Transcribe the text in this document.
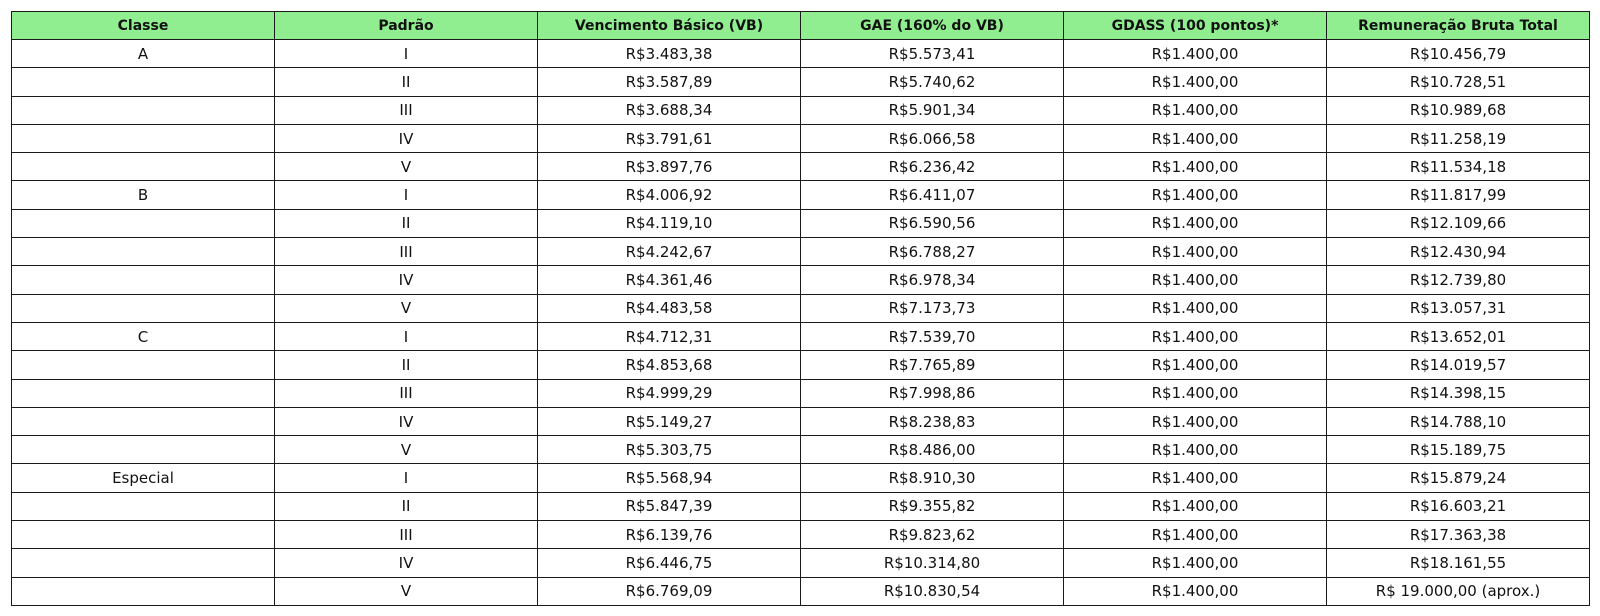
Classe	Padrão	Vencimento Básico (VB)	GAE (160% do VB)	GDASS (100 pontos)*	Remuneração Bruta Total
A	I	R$3.483,38	R$5.573,41	R$1.400,00	R$10.456,79
	II	R$3.587,89	R$5.740,62	R$1.400,00	R$10.728,51
	III	R$3.688,34	R$5.901,34	R$1.400,00	R$10.989,68
	IV	R$3.791,61	R$6.066,58	R$1.400,00	R$11.258,19
	V	R$3.897,76	R$6.236,42	R$1.400,00	R$11.534,18
B	I	R$4.006,92	R$6.411,07	R$1.400,00	R$11.817,99
	II	R$4.119,10	R$6.590,56	R$1.400,00	R$12.109,66
	III	R$4.242,67	R$6.788,27	R$1.400,00	R$12.430,94
	IV	R$4.361,46	R$6.978,34	R$1.400,00	R$12.739,80
	V	R$4.483,58	R$7.173,73	R$1.400,00	R$13.057,31
C	I	R$4.712,31	R$7.539,70	R$1.400,00	R$13.652,01
	II	R$4.853,68	R$7.765,89	R$1.400,00	R$14.019,57
	III	R$4.999,29	R$7.998,86	R$1.400,00	R$14.398,15
	IV	R$5.149,27	R$8.238,83	R$1.400,00	R$14.788,10
	V	R$5.303,75	R$8.486,00	R$1.400,00	R$15.189,75
Especial	I	R$5.568,94	R$8.910,30	R$1.400,00	R$15.879,24
	II	R$5.847,39	R$9.355,82	R$1.400,00	R$16.603,21
	III	R$6.139,76	R$9.823,62	R$1.400,00	R$17.363,38
	IV	R$6.446,75	R$10.314,80	R$1.400,00	R$18.161,55
	V	R$6.769,09	R$10.830,54	R$1.400,00	R$ 19.000,00 (aprox.)
